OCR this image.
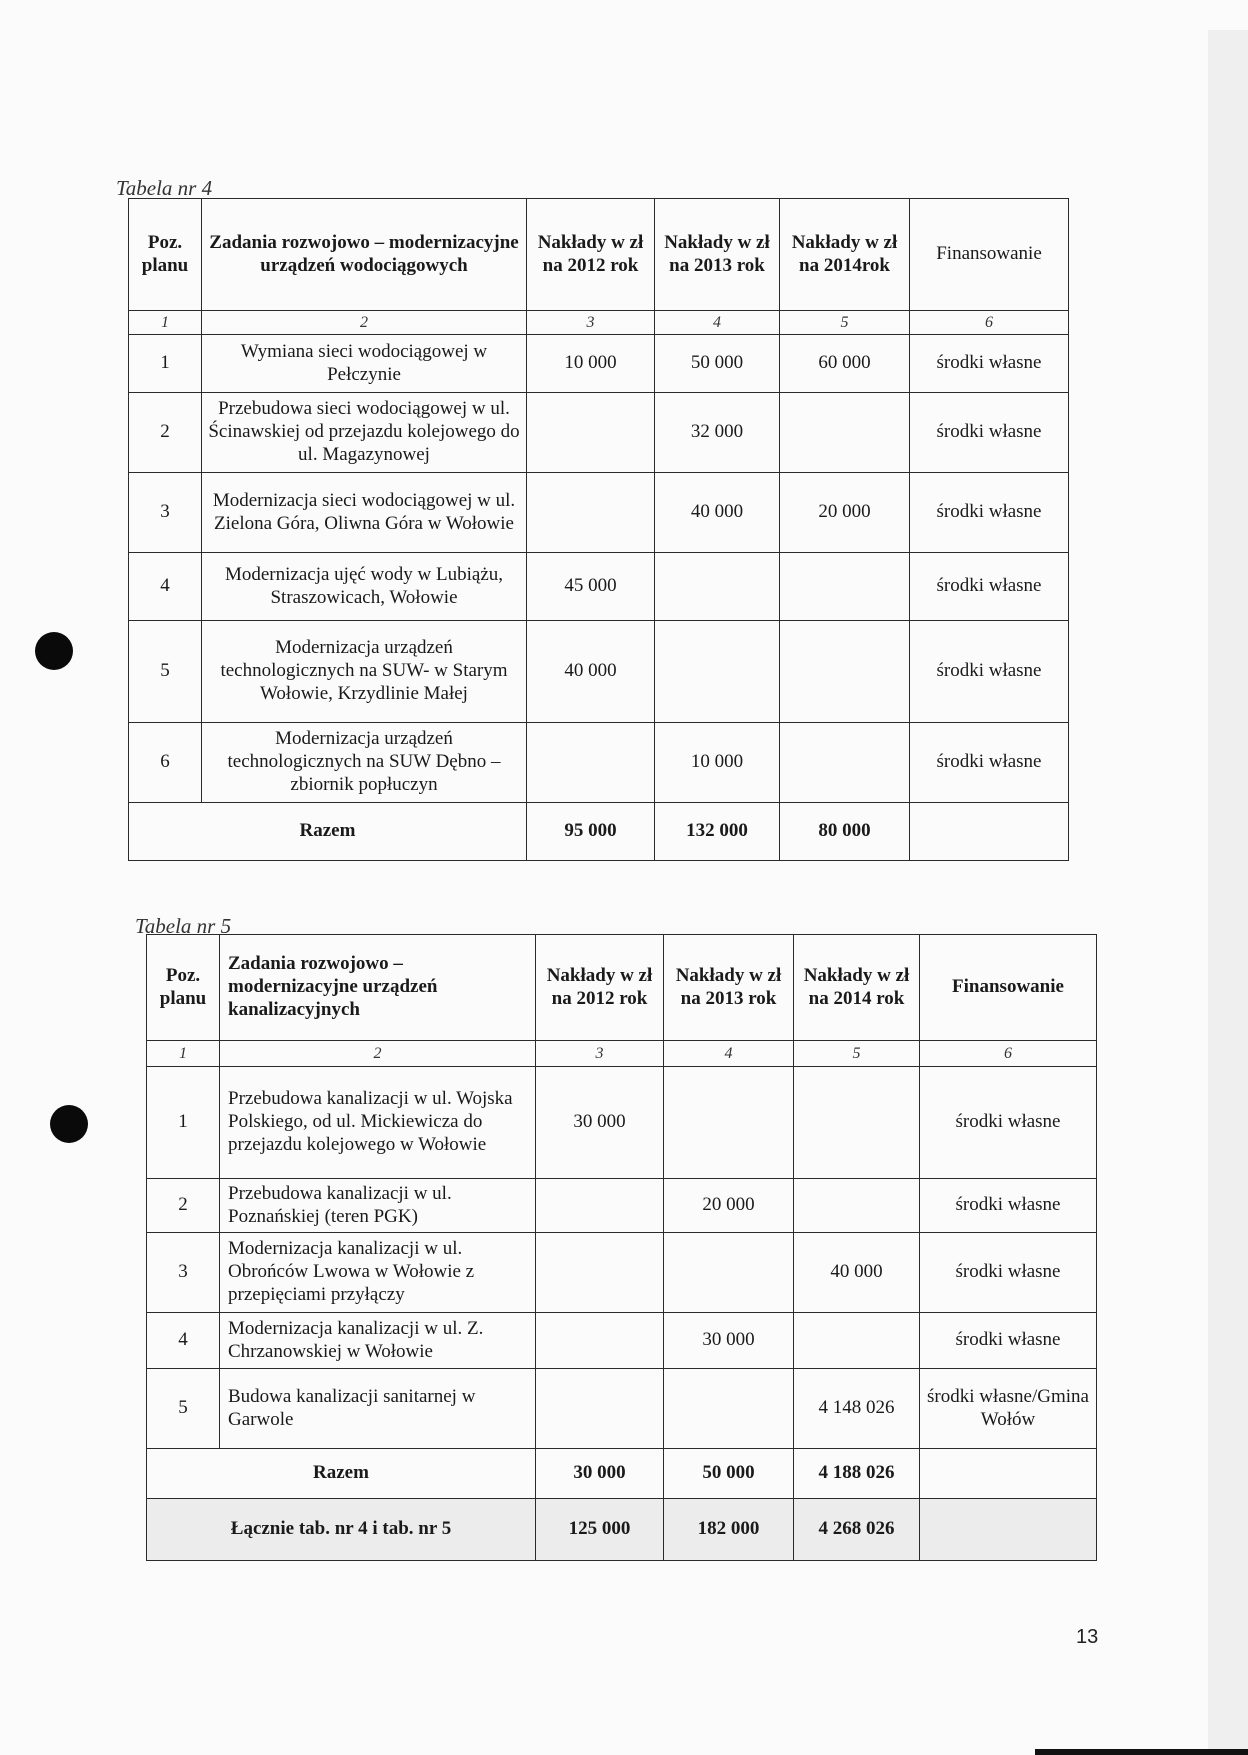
Tabela nr 4
Poz. planu	Zadania rozwojowo – modernizacyjne urządzeń wodociągowych	Nakłady w zł na 2012 rok	Nakłady w zł na 2013 rok	Nakłady w zł na 2014rok	Finansowanie
1	2	3	4	5	6
1	Wymiana sieci wodociągowej w Pełczynie	10 000	50 000	60 000	środki własne
2	Przebudowa sieci wodociągowej w ul. Ścinawskiej od przejazdu kolejowego do ul. Magazynowej		32 000		środki własne
3	Modernizacja sieci wodociągowej w ul. Zielona Góra, Oliwna Góra w Wołowie		40 000	20 000	środki własne
4	Modernizacja ujęć wody w Lubiążu, Straszowicach, Wołowie	45 000			środki własne
5	Modernizacja urządzeń technologicznych na SUW- w Starym Wołowie, Krzydlinie Małej	40 000			środki własne
6	Modernizacja urządzeń technologicznych na SUW Dębno – zbiornik popłuczyn		10 000		środki własne
Razem		95 000	132 000	80 000	
Tabela nr 5
Poz. planu	Zadania rozwojowo – modernizacyjne urządzeń kanalizacyjnych	Nakłady w zł na 2012 rok	Nakłady w zł na 2013 rok	Nakłady w zł na 2014 rok	Finansowanie
1	2	3	4	5	6
1	Przebudowa kanalizacji w ul. Wojska Polskiego, od ul. Mickiewicza do przejazdu kolejowego w Wołowie	30 000			środki własne
2	Przebudowa kanalizacji w ul. Poznańskiej (teren PGK)		20 000		środki własne
3	Modernizacja kanalizacji w ul. Obrońców Lwowa w Wołowie z przepięciami przyłączy			40 000	środki własne
4	Modernizacja kanalizacji w ul. Z. Chrzanowskiej w Wołowie		30 000		środki własne
5	Budowa kanalizacji sanitarnej w Garwole			4 148 026	środki własne/Gmina Wołów
Razem		30 000	50 000	4 188 026	
Łącznie tab. nr 4 i tab. nr 5		125 000	182 000	4 268 026	
13
